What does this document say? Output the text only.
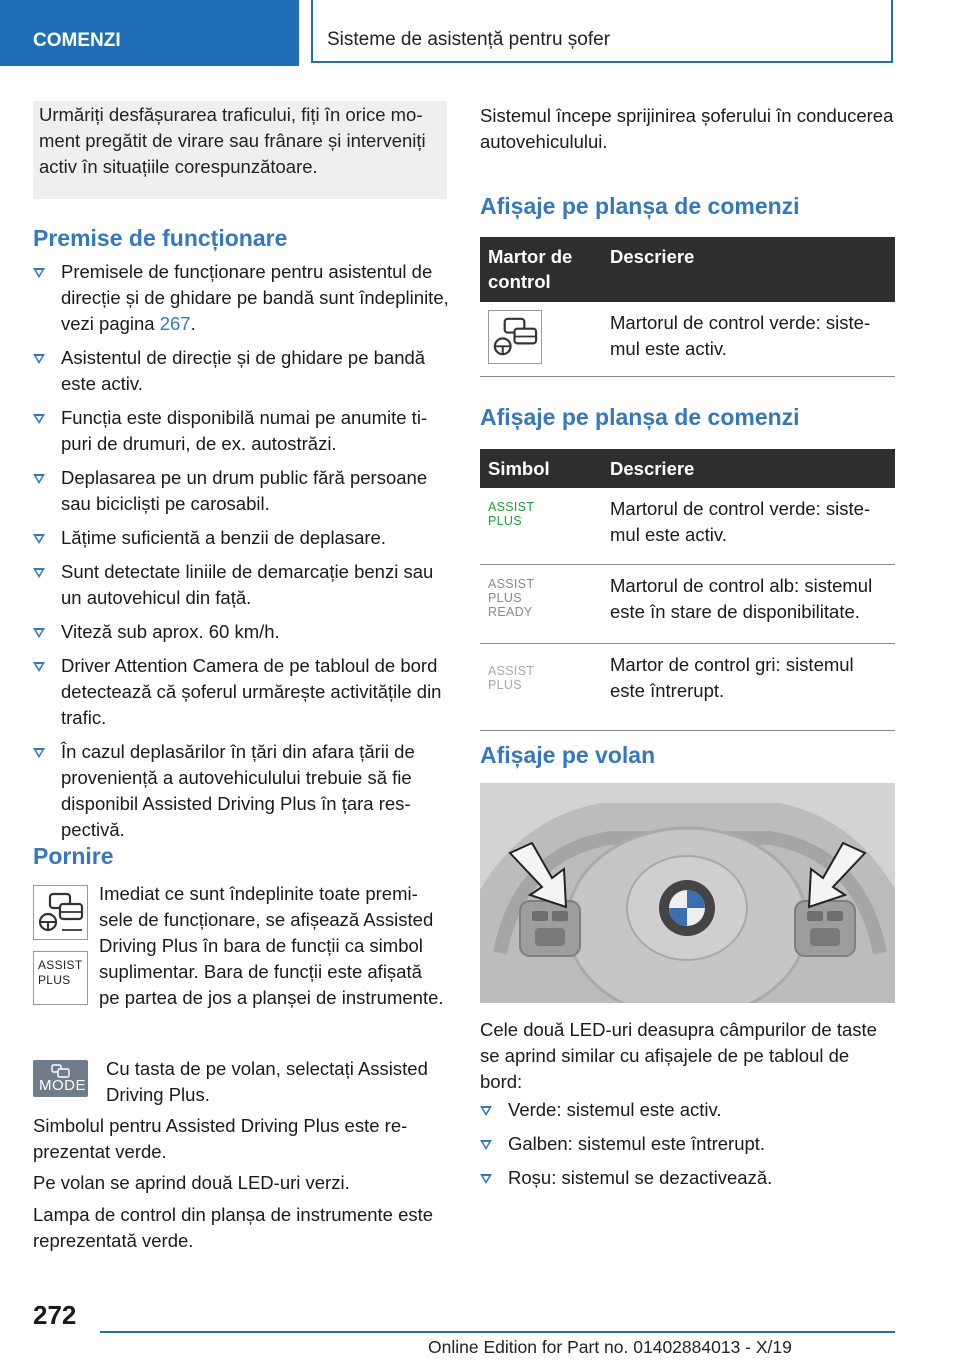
COMENZI	Sisteme de asistență pentru șofer
Urmăriți desfășurarea traficului, fiți în orice moment pregătit de virare sau frânare și interveniți activ în situațiile corespunzătoare.
Premise de funcționare
Premisele de funcționare pentru asistentul de direcție și de ghidare pe bandă sunt îndeplinite, vezi pagina 267.
Asistentul de direcție și de ghidare pe bandă este activ.
Funcția este disponibilă numai pe anumite tipuri de drumuri, de ex. autostrăzi.
Deplasarea pe un drum public fără persoane sau bicicliști pe carosabil.
Lățime suficientă a benzii de deplasare.
Sunt detectate liniile de demarcație benzi sau un autovehicul din față.
Viteză sub aprox. 60 km/h.
Driver Attention Camera de pe tabloul de bord detectează că șoferul urmărește activitățile din trafic.
În cazul deplasărilor în țări din afara țării de proveniență a autovehiculului trebuie să fie disponibil Assisted Driving Plus în țara respectivă.
Pornire
ASSIST
PLUS

Imediat ce sunt îndeplinite toate premisele de funcționare, se afișează Assisted Driving Plus în bara de funcții ca simbol suplimentar. Bara de funcții este afișată pe partea de jos a planșei de instrumente.

MODE

Cu tasta de pe volan, selectați Assisted Driving Plus.

Simbolul pentru Assisted Driving Plus este reprezentat verde.

Pe volan se aprind două LED-uri verzi.

Lampa de control din planșa de instrumente este reprezentată verde.

Sistemul începe sprijinirea șoferului în conducerea autovehiculului.

Afișaje pe planșa de comenzi
Martor de control	Descriere

	Martorul de control verde: sistemul este activ.
Afișaje pe planșa de comenzi
Simbol	Descriere

ASSIST
PLUS	Martorul de control verde: sistemul este activ.

ASSIST
PLUS
READY	Martorul de control alb: sistemul este în stare de disponibilitate.

ASSIST
PLUS	Martor de control gri: sistemul este întrerupt.
Afișaje pe volan

Cele două LED-uri deasupra câmpurilor de taste se aprind similar cu afișajele de pe tabloul de bord:

Verde: sistemul este activ.
Galben: sistemul este întrerupt.
Roșu: sistemul se dezactivează.
272
Online Edition for Part no. 01402884013 - X/19
